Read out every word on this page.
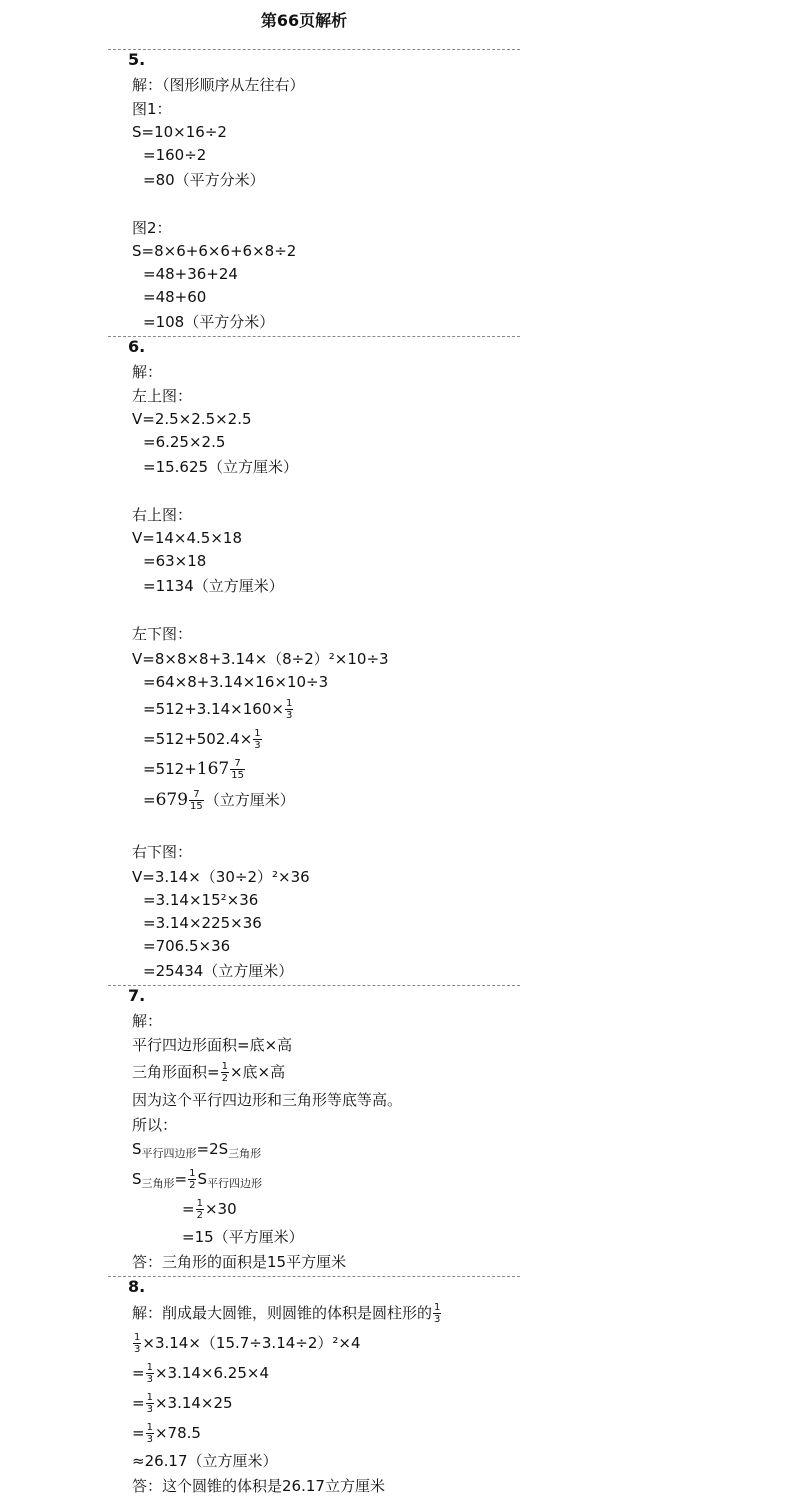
第66页解析
5.
解：（图形顺序从左往右）
图1：
S=10×16÷2
=160÷2
=80（平方分米）
图2：
S=8×6+6×6+6×8÷2
=48+36+24
=48+60
=108（平方分米）
6.
解：
左上图：
V=2.5×2.5×2.5
=6.25×2.5
=15.625（立方厘米）
右上图：
V=14×4.5×18
=63×18
=1134（立方厘米）
左下图：
V=8×8×8+3.14×（8÷2）²×10÷3
=64×8+3.14×16×10÷3
$=512+3.14\times 160\times \frac{1}{3}$
$=512+502.4\times \frac{1}{3}$
$=512+167 \frac{7}{15}$
$=679 \frac{7}{15}$ （立方厘米）
右下图：
V=3.14×（30÷2）²×36
=3.14×15²×36
=3.14×225×36
=706.5×36
=25434（立方厘米）
7.
解：
平行四边形面积=底×高
三角形面积= $\frac{1}{2}$ ×底×高
因为这个平行四边形和三角形等底等高。
所以：
$S_{平行四边形}=2S_{三角形}$
$S_{三角形}= \frac{1}{2} S_{平行四边形}$
= $\frac{1}{2} \times 30$
=15（平方厘米）
答：三角形的面积是15平方厘米
8.
解：削成最大圆锥，则圆锥的体积是圆柱形的 $\frac{1}{3}$
$\frac{1}{3} \times 3.14\times(15.7\div 3.14\div 2)^2\times 4$
= $\frac{1}{3} \times 3.14\times 6.25\times 4$
= $\frac{1}{3} \times 3.14\times 25$
= $\frac{1}{3} \times 78.5$
≈26.17（立方厘米）
答：这个圆锥的体积是26.17立方厘米
